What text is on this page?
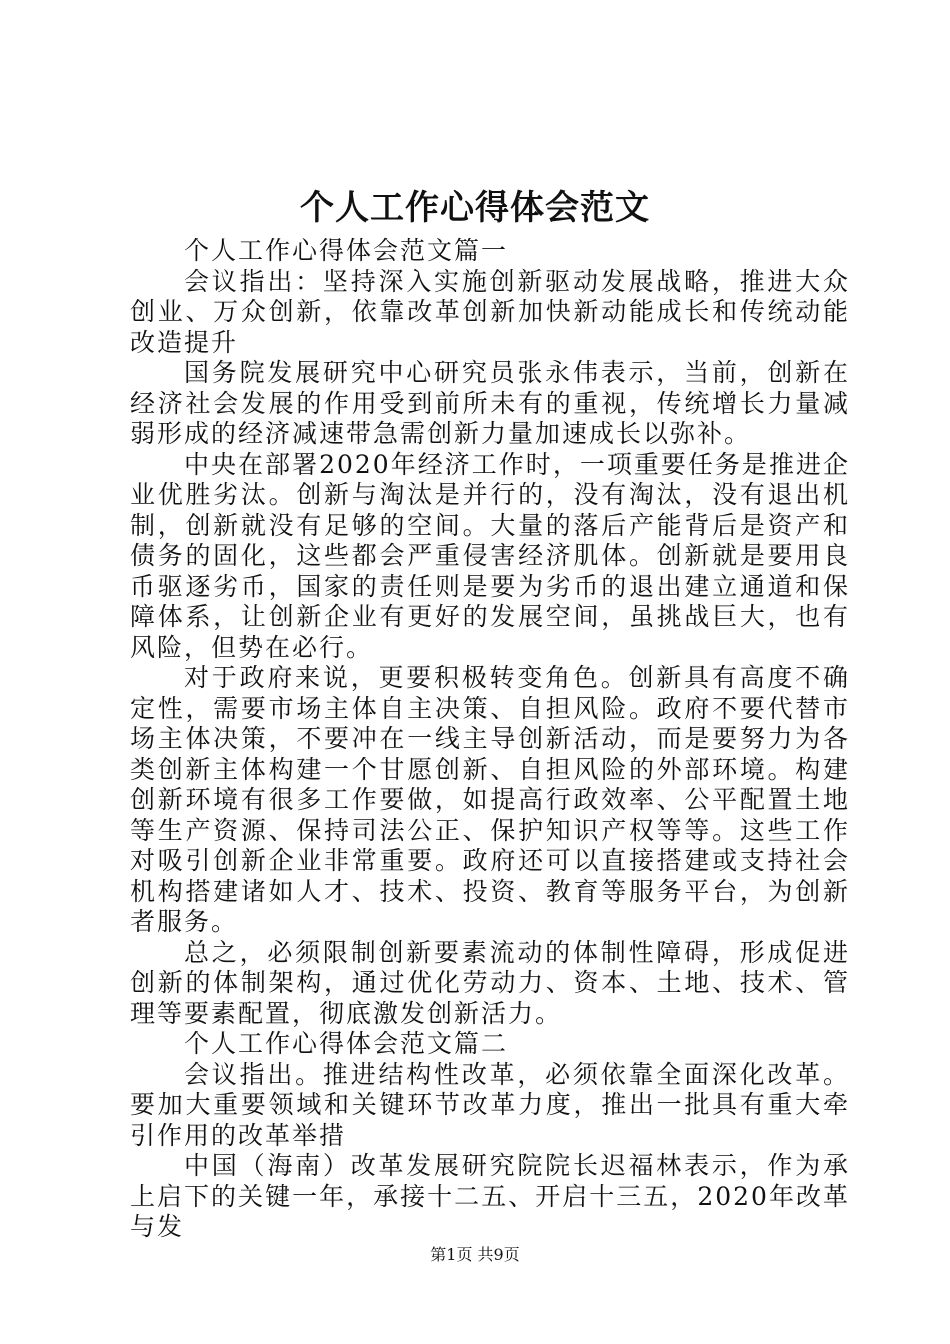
个人工作心得体会范文

个人工作心得体会范文篇一

会议指出：坚持深入实施创新驱动发展战略，推进大众创业、万众创新，依靠改革创新加快新动能成长和传统动能改造提升

国务院发展研究中心研究员张永伟表示，当前，创新在经济社会发展的作用受到前所未有的重视，传统增长力量减弱形成的经济减速带急需创新力量加速成长以弥补。

中央在部署2020年经济工作时，一项重要任务是推进企业优胜劣汰。创新与淘汰是并行的，没有淘汰，没有退出机制，创新就没有足够的空间。大量的落后产能背后是资产和债务的固化，这些都会严重侵害经济肌体。创新就是要用良币驱逐劣币，国家的责任则是要为劣币的退出建立通道和保障体系，让创新企业有更好的发展空间，虽挑战巨大，也有风险，但势在必行。

对于政府来说，更要积极转变角色。创新具有高度不确定性，需要市场主体自主决策、自担风险。政府不要代替市场主体决策，不要冲在一线主导创新活动，而是要努力为各类创新主体构建一个甘愿创新、自担风险的外部环境。构建创新环境有很多工作要做，如提高行政效率、公平配置土地等生产资源、保持司法公正、保护知识产权等等。这些工作对吸引创新企业非常重要。政府还可以直接搭建或支持社会机构搭建诸如人才、技术、投资、教育等服务平台，为创新者服务。

总之，必须限制创新要素流动的体制性障碍，形成促进创新的体制架构，通过优化劳动力、资本、土地、技术、管理等要素配置，彻底激发创新活力。

个人工作心得体会范文篇二

会议指出。推进结构性改革，必须依靠全面深化改革。要加大重要领域和关键环节改革力度，推出一批具有重大牵引作用的改革举措

中国（海南）改革发展研究院院长迟福林表示，作为承上启下的关键一年，承接十二五、开启十三五，2020年改革与发

第1页 共9页
